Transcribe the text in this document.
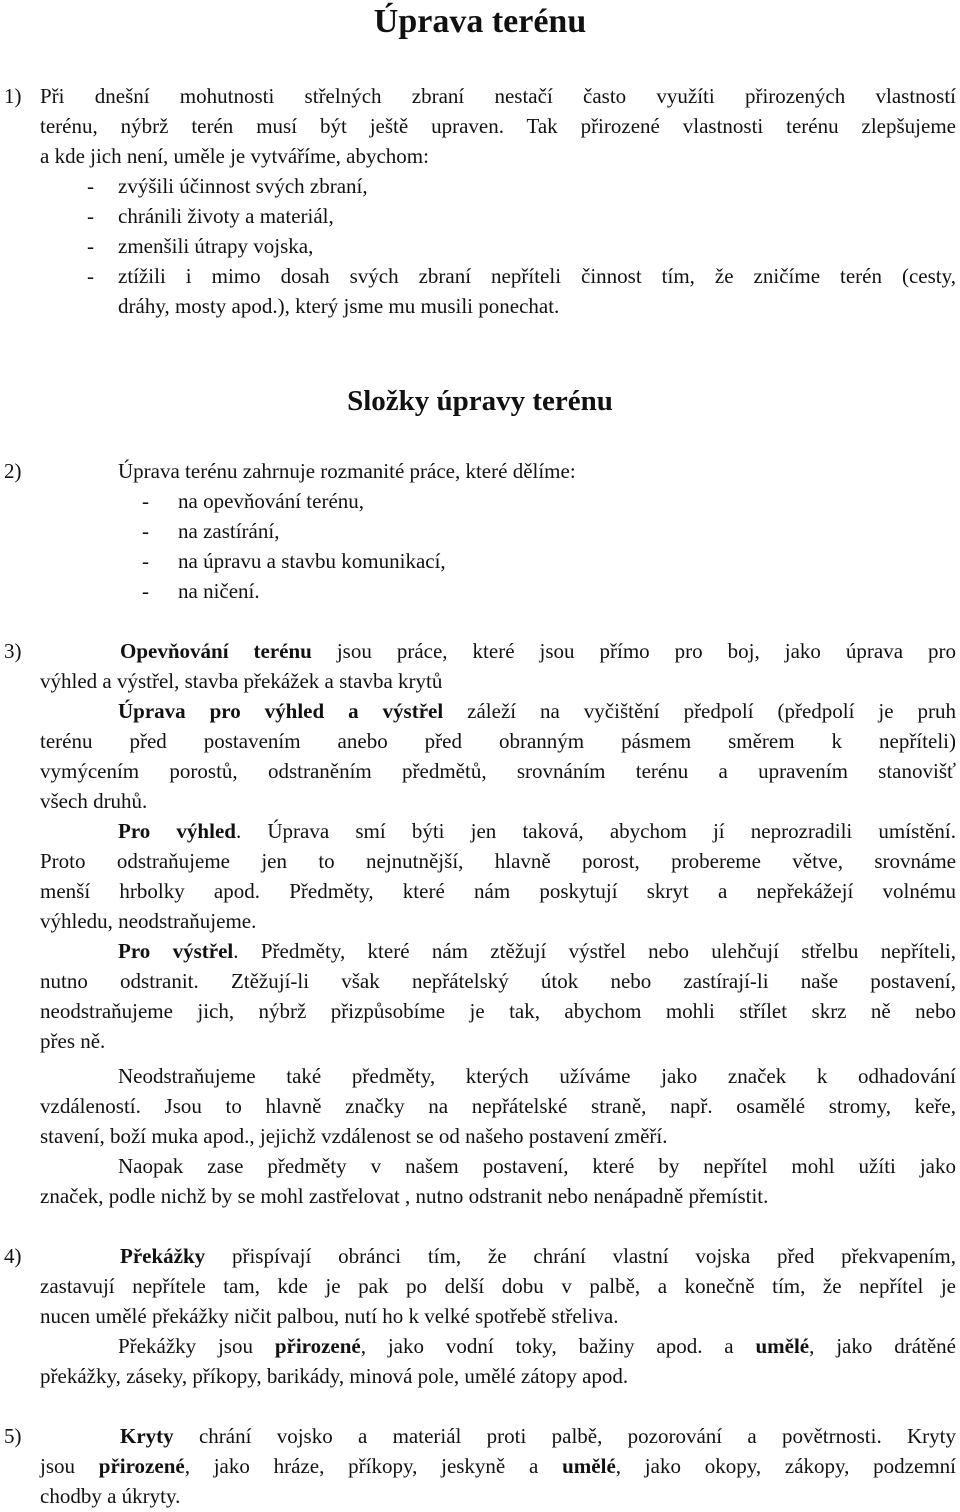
Úprava terénu
1) Při dnešní mohutnosti střelných zbraní nestačí často využíti přirozených vlastností
terénu, nýbrž terén musí být ještě upraven. Tak přirozené vlastnosti terénu zlepšujeme
a kde jich není, uměle je vytváříme, abychom:
- zvýšili účinnost svých zbraní,
- chránili životy a materiál,
- zmenšili útrapy vojska,
- ztížili i mimo dosah svých zbraní nepříteli činnost tím, že zničíme terén (cesty,
dráhy, mosty apod.), který jsme mu musili ponechat.
Složky úpravy terénu
2)	Úprava terénu zahrnuje rozmanité práce, které dělíme:
- na opevňování terénu,
- na zastírání,
- na úpravu a stavbu komunikací,
- na ničení.
3)	Opevňování terénu jsou práce, které jsou přímo pro boj, jako úprava pro
výhled a výstřel, stavba překážek a stavba krytů
Úprava pro výhled a výstřel záleží na vyčištění předpolí (předpolí je pruh
terénu před postavením anebo před obranným pásmem směrem k nepříteli)
vymýcením porostů, odstraněním předmětů, srovnáním terénu a upravením stanovišť
všech druhů.
Pro výhled. Úprava smí býti jen taková, abychom jí neprozradili umístění.
Proto odstraňujeme jen to nejnutnější, hlavně porost, probereme větve, srovnáme
menší hrbolky apod. Předměty, které nám poskytují skryt a nepřekážejí volnému
výhledu, neodstraňujeme.
Pro výstřel. Předměty, které nám ztěžují výstřel nebo ulehčují střelbu nepříteli,
nutno odstranit. Ztěžují-li však nepřátelský útok nebo zastírají-li naše postavení,
neodstraňujeme jich, nýbrž přizpůsobíme je tak, abychom mohli střílet skrz ně nebo
přes ně.
Neodstraňujeme také předměty, kterých užíváme jako značek k odhadování
vzdáleností. Jsou to hlavně značky na nepřátelské straně, např. osamělé stromy, keře,
stavení, boží muka apod., jejichž vzdálenost se od našeho postavení změří.
Naopak zase předměty v našem postavení, které by nepřítel mohl užíti jako
značek, podle nichž by se mohl zastřelovat , nutno odstranit nebo nenápadně přemístit.
4)	Překážky přispívají obránci tím, že chrání vlastní vojska před překvapením,
zastavují nepřítele tam, kde je pak po delší dobu v palbě, a konečně tím, že nepřítel je
nucen umělé překážky ničit palbou, nutí ho k velké spotřebě střeliva.
Překážky jsou přirozené, jako vodní toky, bažiny apod. a umělé, jako drátěné
překážky, záseky, příkopy, barikády, minová pole, umělé zátopy apod.
5)	Kryty chrání vojsko a materiál proti palbě, pozorování a povětrnosti. Kryty
jsou přirozené, jako hráze, příkopy, jeskyně a umělé, jako okopy, zákopy, podzemní
chodby a úkryty.
